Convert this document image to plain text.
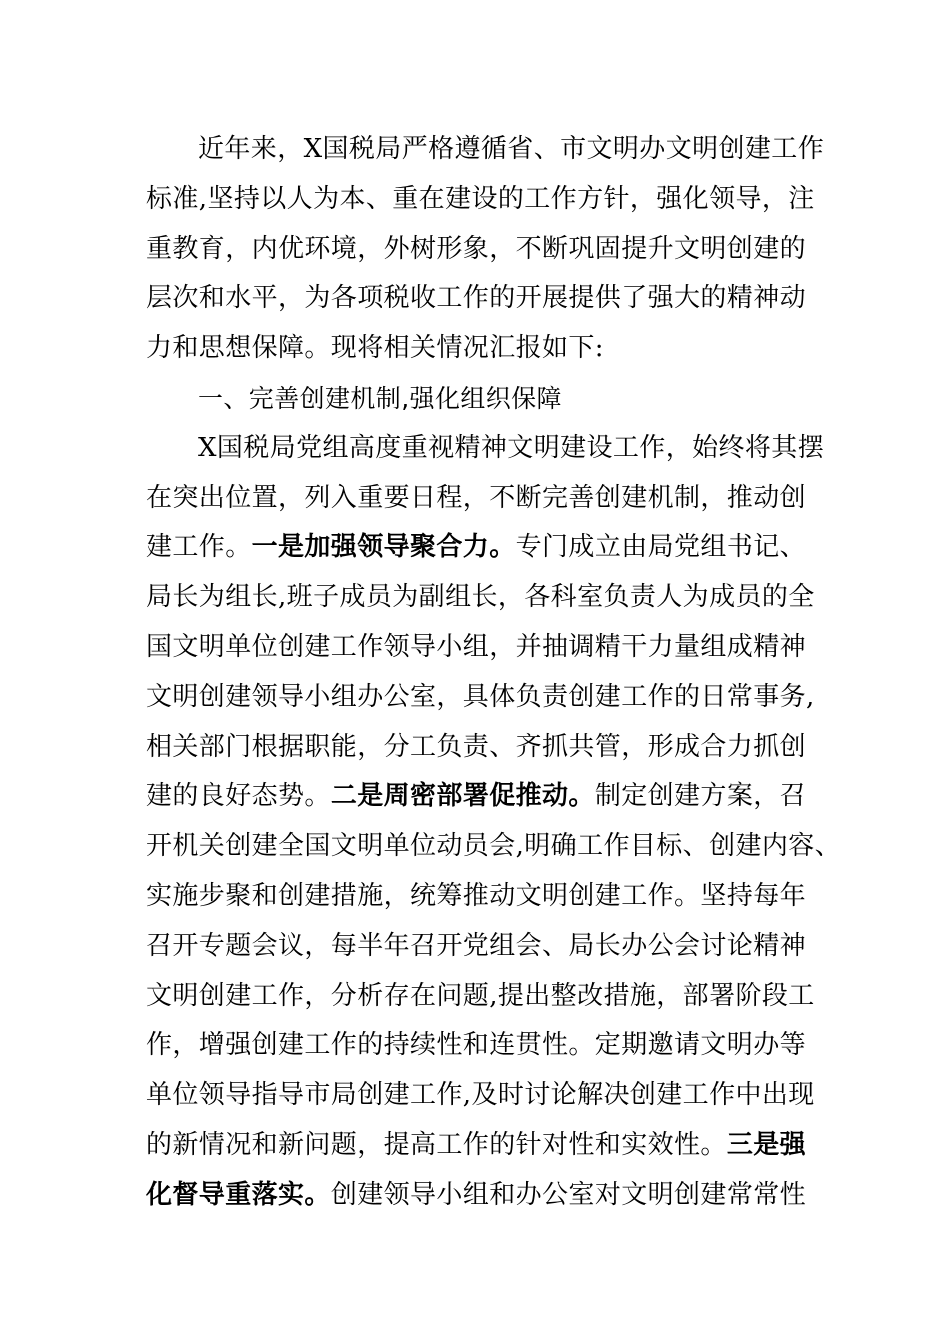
近年来，X国税局严格遵循省、市文明办文明创建工作
标准,坚持以人为本、重在建设的工作方针，强化领导，注
重教育，内优环境，外树形象，不断巩固提升文明创建的
层次和水平，为各项税收工作的开展提供了强大的精神动
力和思想保障。现将相关情况汇报如下:
一、完善创建机制,强化组织保障
X国税局党组高度重视精神文明建设工作，始终将其摆
在突出位置，列入重要日程，不断完善创建机制，推动创
建工作。一是加强领导聚合力。专门成立由局党组书记、
局长为组长,班子成员为副组长，各科室负责人为成员的全
国文明单位创建工作领导小组，并抽调精干力量组成精神
文明创建领导小组办公室，具体负责创建工作的日常事务,
相关部门根据职能，分工负责、齐抓共管，形成合力抓创
建的良好态势。二是周密部署促推动。制定创建方案，召
开机关创建全国文明单位动员会,明确工作目标、创建内容、
实施步聚和创建措施，统筹推动文明创建工作。坚持每年
召开专题会议，每半年召开党组会、局长办公会讨论精神
文明创建工作，分析存在问题,提出整改措施，部署阶段工
作，增强创建工作的持续性和连贯性。定期邀请文明办等
单位领导指导市局创建工作,及时讨论解决创建工作中出现
的新情况和新问题，提高工作的针对性和实效性。三是强
化督导重落实。创建领导小组和办公室对文明创建常常性
